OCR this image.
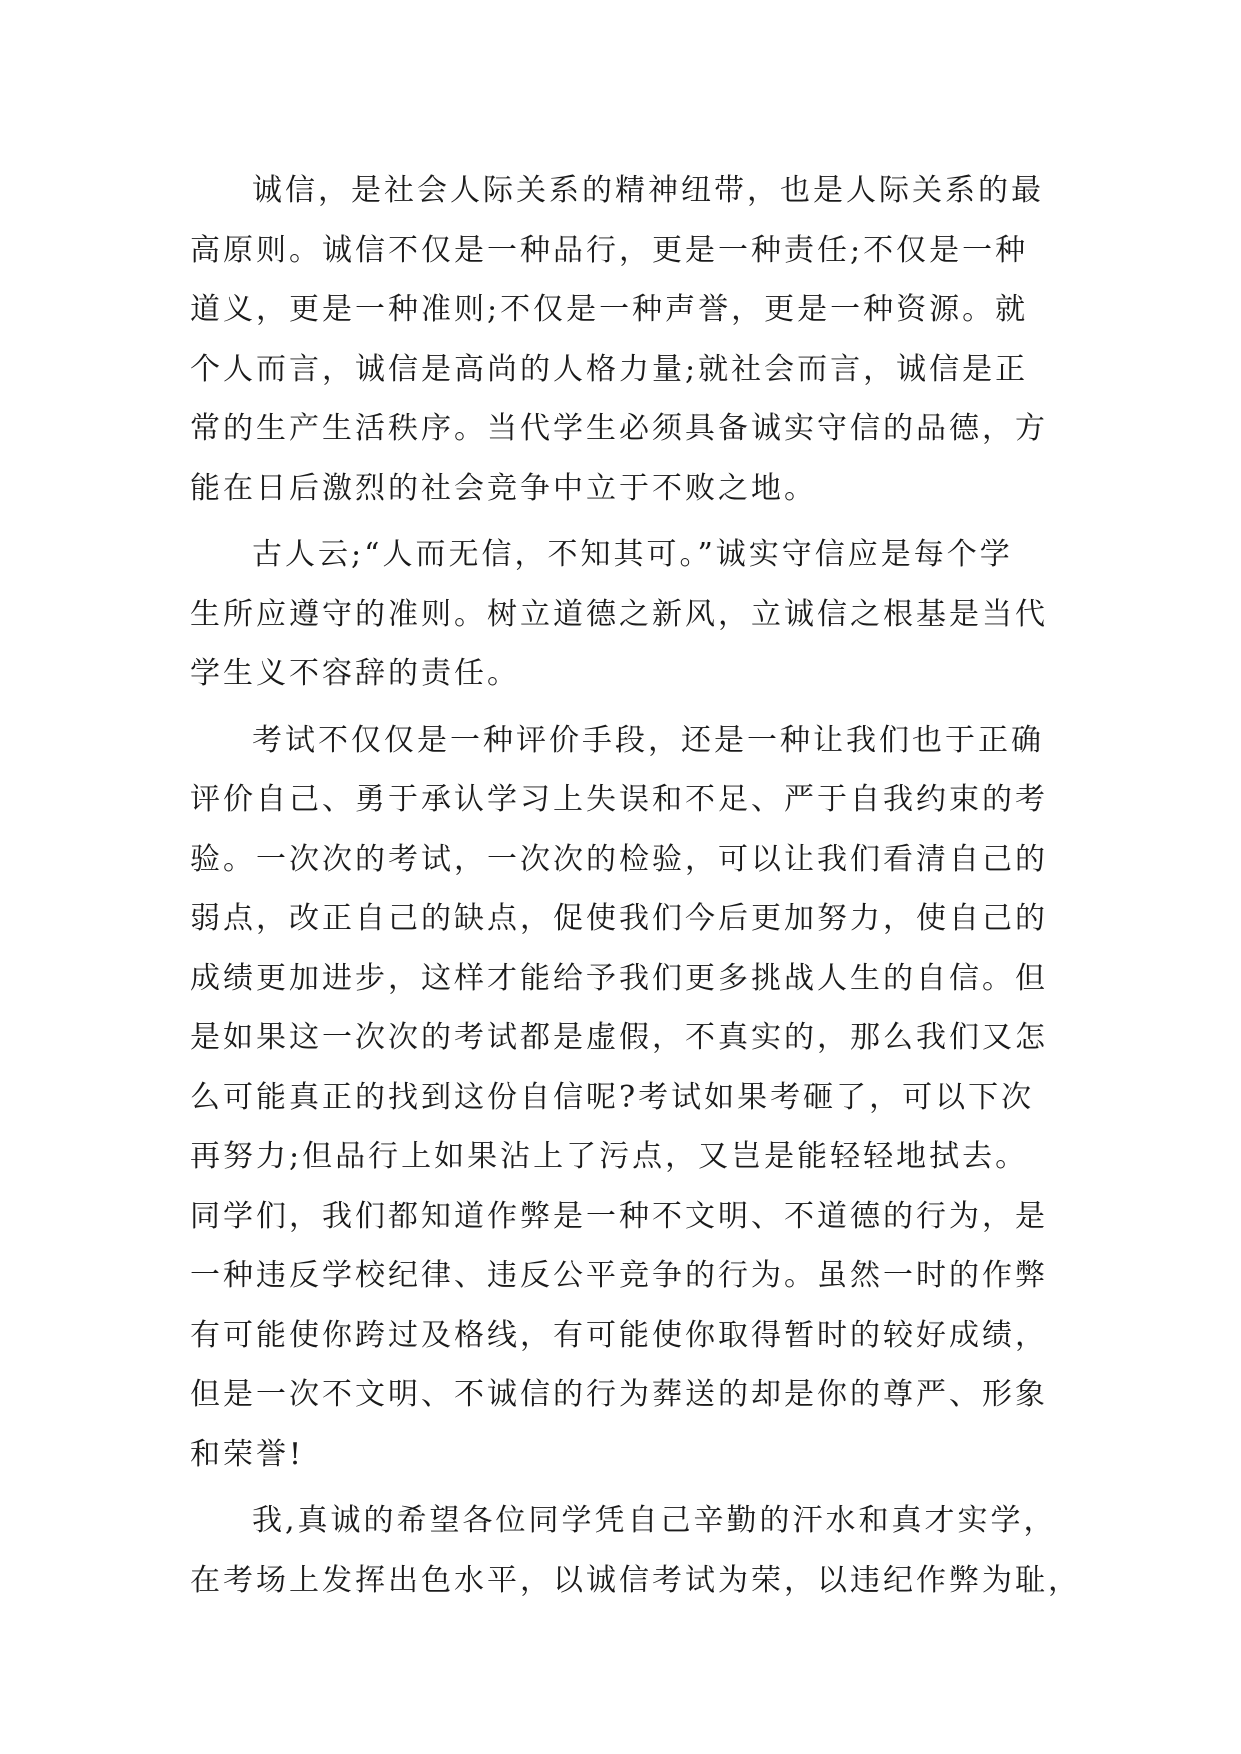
诚信，是社会人际关系的精神纽带，也是人际关系的最
高原则。诚信不仅是一种品行，更是一种责任;不仅是一种
道义，更是一种准则;不仅是一种声誉，更是一种资源。就
个人而言，诚信是高尚的人格力量;就社会而言，诚信是正
常的生产生活秩序。当代学生必须具备诚实守信的品德，方
能在日后激烈的社会竞争中立于不败之地。

古人云;“人而无信，不知其可。”诚实守信应是每个学
生所应遵守的准则。树立道德之新风，立诚信之根基是当代
学生义不容辞的责任。

考试不仅仅是一种评价手段，还是一种让我们也于正确
评价自己、勇于承认学习上失误和不足、严于自我约束的考
验。一次次的考试，一次次的检验，可以让我们看清自己的
弱点，改正自己的缺点，促使我们今后更加努力，使自己的
成绩更加进步，这样才能给予我们更多挑战人生的自信。但
是如果这一次次的考试都是虚假，不真实的，那么我们又怎
么可能真正的找到这份自信呢?考试如果考砸了，可以下次
再努力;但品行上如果沾上了污点，又岂是能轻轻地拭去。
同学们，我们都知道作弊是一种不文明、不道德的行为，是
一种违反学校纪律、违反公平竞争的行为。虽然一时的作弊
有可能使你跨过及格线，有可能使你取得暂时的较好成绩，
但是一次不文明、不诚信的行为葬送的却是你的尊严、形象
和荣誉!

我,真诚的希望各位同学凭自己辛勤的汗水和真才实学，
在考场上发挥出色水平，以诚信考试为荣，以违纪作弊为耻，
